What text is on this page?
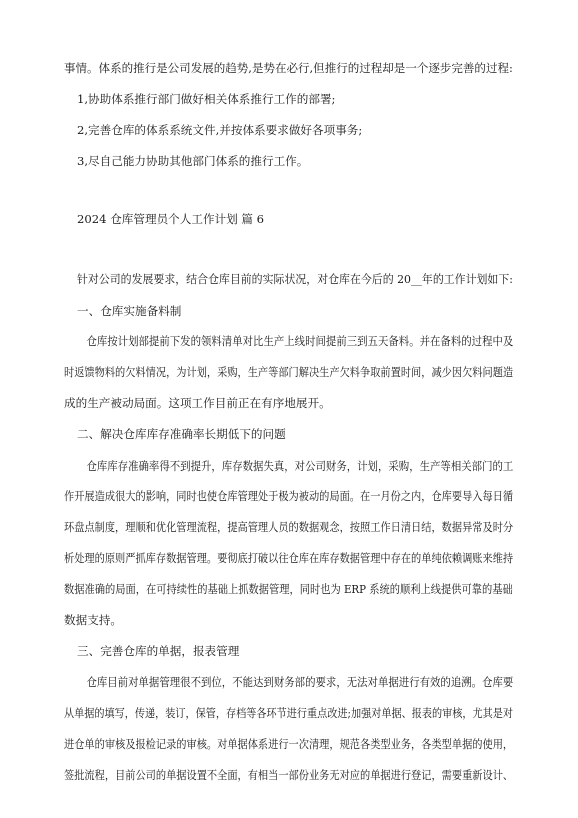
事情。体系的推行是公司发展的趋势,是势在必行,但推行的过程却是一个逐步完善的过程:
1,协助体系推行部门做好相关体系推行工作的部署;
2,完善仓库的体系系统文件,并按体系要求做好各项事务;
3,尽自己能力协助其他部门体系的推行工作。
2024 仓库管理员个人工作计划 篇 6
针对公司的发展要求，结合仓库目前的实际状况，对仓库在今后的 20__年的工作计划如下:
一、仓库实施备料制
仓库按计划部提前下发的领料清单对比生产上线时间提前三到五天备料。并在备料的过程中及
时返馈物料的欠料情况，为计划，采购，生产等部门解决生产欠料争取前置时间，减少因欠料问题造
成的生产被动局面。这项工作目前正在有序地展开。
二、解决仓库库存准确率长期低下的问题
仓库库存准确率得不到提升，库存数据失真，对公司财务，计划，采购，生产等相关部门的工
作开展造成很大的影响，同时也使仓库管理处于极为被动的局面。在一月份之内，仓库要导入每日循
环盘点制度，理顺和优化管理流程，提高管理人员的数据观念，按照工作日清日结，数据异常及时分
析处理的原则严抓库存数据管理。要彻底打破以往仓库在库存数据管理中存在的单纯依赖调账来维持
数据准确的局面，在可持续性的基础上抓数据管理，同时也为 ERP 系统的顺利上线提供可靠的基础
数据支持。
三、完善仓库的单据，报表管理
仓库目前对单据管理很不到位，不能达到财务部的要求，无法对单据进行有效的追溯。仓库要
从单据的填写，传递，装订，保管，存档等各环节进行重点改进;加强对单据、报表的审核，尤其是对
进仓单的审核及报检记录的审核。对单据体系进行一次清理，规范各类型业务，各类型单据的使用，
签批流程，目前公司的单据设置不全面，有相当一部份业务无对应的单据进行登记，需要重新设计、
